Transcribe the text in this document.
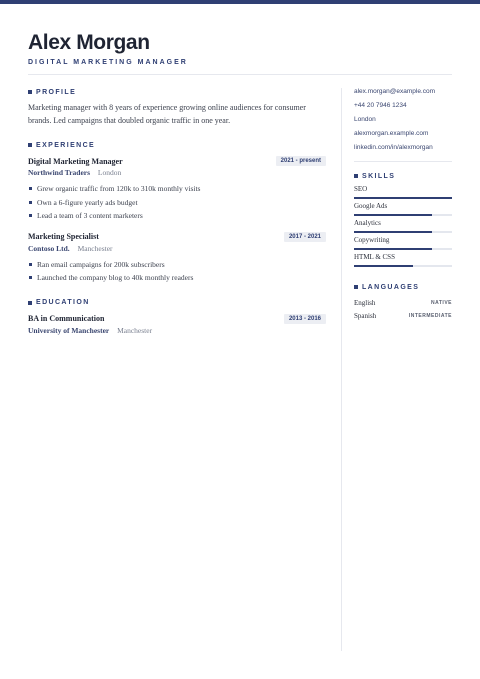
Alex Morgan
DIGITAL MARKETING MANAGER
PROFILE
Marketing manager with 8 years of experience growing online audiences for consumer brands. Led campaigns that doubled organic traffic in one year.
EXPERIENCE
Digital Marketing Manager	2021 - present
Northwind Traders London
Grew organic traffic from 120k to 310k monthly visits
Own a 6-figure yearly ads budget
Lead a team of 3 content marketers
Marketing Specialist	2017 - 2021
Contoso Ltd. Manchester
Ran email campaigns for 200k subscribers
Launched the company blog to 40k monthly readers
EDUCATION
BA in Communication	2013 - 2016
University of Manchester Manchester
alex.morgan@example.com
+44 20 7946 1234
London
alexmorgan.example.com
linkedin.com/in/alexmorgan
SKILLS
SEO
Google Ads
Analytics
Copywriting
HTML & CSS
LANGUAGES
English	NATIVE
Spanish	INTERMEDIATE
